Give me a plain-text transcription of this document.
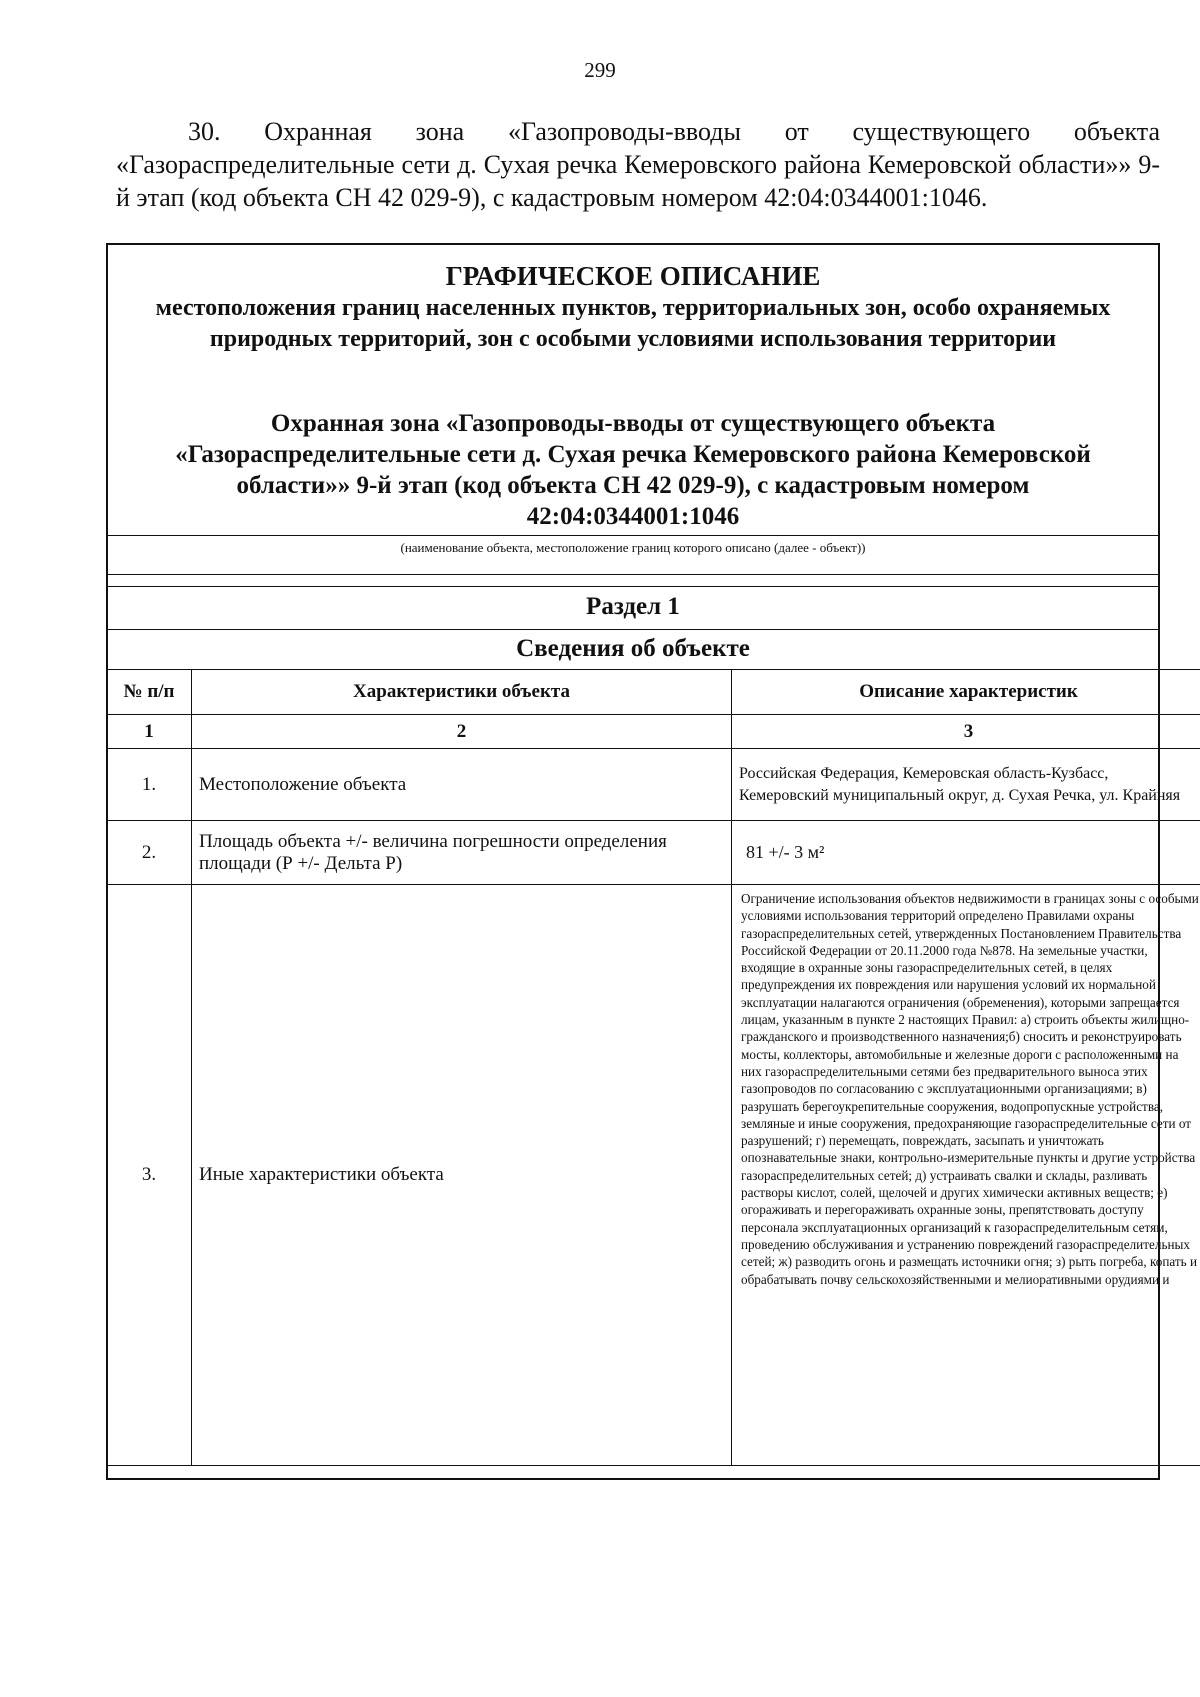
299
30. Охранная зона «Газопроводы-вводы от существующего объекта «Газораспределительные сети д. Сухая речка Кемеровского района Кемеровской области»» 9-й этап (код объекта СН 42 029-9), с кадастровым номером 42:04:0344001:1046.
ГРАФИЧЕСКОЕ ОПИСАНИЕ
местоположения границ населенных пунктов, территориальных зон, особо охраняемых природных территорий, зон с особыми условиями использования территории
Охранная зона «Газопроводы-вводы от существующего объекта «Газораспределительные сети д. Сухая речка Кемеровского района Кемеровской области»» 9-й этап (код объекта СН 42 029-9), с кадастровым номером 42:04:0344001:1046
(наименование объекта, местоположение границ которого описано (далее - объект))
Раздел 1
Сведения об объекте
№ п/п	Характеристики объекта	Описание характеристик
1	2	3
1.	Местоположение объекта	Российская Федерация, Кемеровская область-Кузбасс, Кемеровский муниципальный округ, д. Сухая Речка, ул. Крайняя
2.	Площадь объекта +/- величина погрешности определения площади (Р +/- Дельта Р)	81 +/- 3 м²
3.	Иные характеристики объекта	Ограничение использования объектов недвижимости в границах зоны с особыми условиями использования территорий определено Правилами охраны газораспределительных сетей, утвержденных Постановлением Правительства Российской Федерации от 20.11.2000 года №878. На земельные участки, входящие в охранные зоны газораспределительных сетей, в целях предупреждения их повреждения или нарушения условий их нормальной эксплуатации налагаются ограничения (обременения), которыми запрещается лицам, указанным в пункте 2 настоящих Правил: а) строить объекты жилищно-гражданского и производственного назначения;б) сносить и реконструировать мосты, коллекторы, автомобильные и железные дороги с расположенными на них газораспределительными сетями без предварительного выноса этих газопроводов по согласованию с эксплуатационными организациями; в) разрушать берегоукрепительные сооружения, водопропускные устройства, земляные и иные сооружения, предохраняющие газораспределительные сети от разрушений; г) перемещать, повреждать, засыпать и уничтожать опознавательные знаки, контрольно-измерительные пункты и другие устройства газораспределительных сетей; д) устраивать свалки и склады, разливать растворы кислот, солей, щелочей и других химически активных веществ; е) огораживать и перегораживать охранные зоны, препятствовать доступу персонала эксплуатационных организаций к газораспределительным сетям, проведению обслуживания и устранению повреждений газораспределительных сетей; ж) разводить огонь и размещать источники огня; з) рыть погреба, копать и обрабатывать почву сельскохозяйственными и мелиоративными орудиями и
